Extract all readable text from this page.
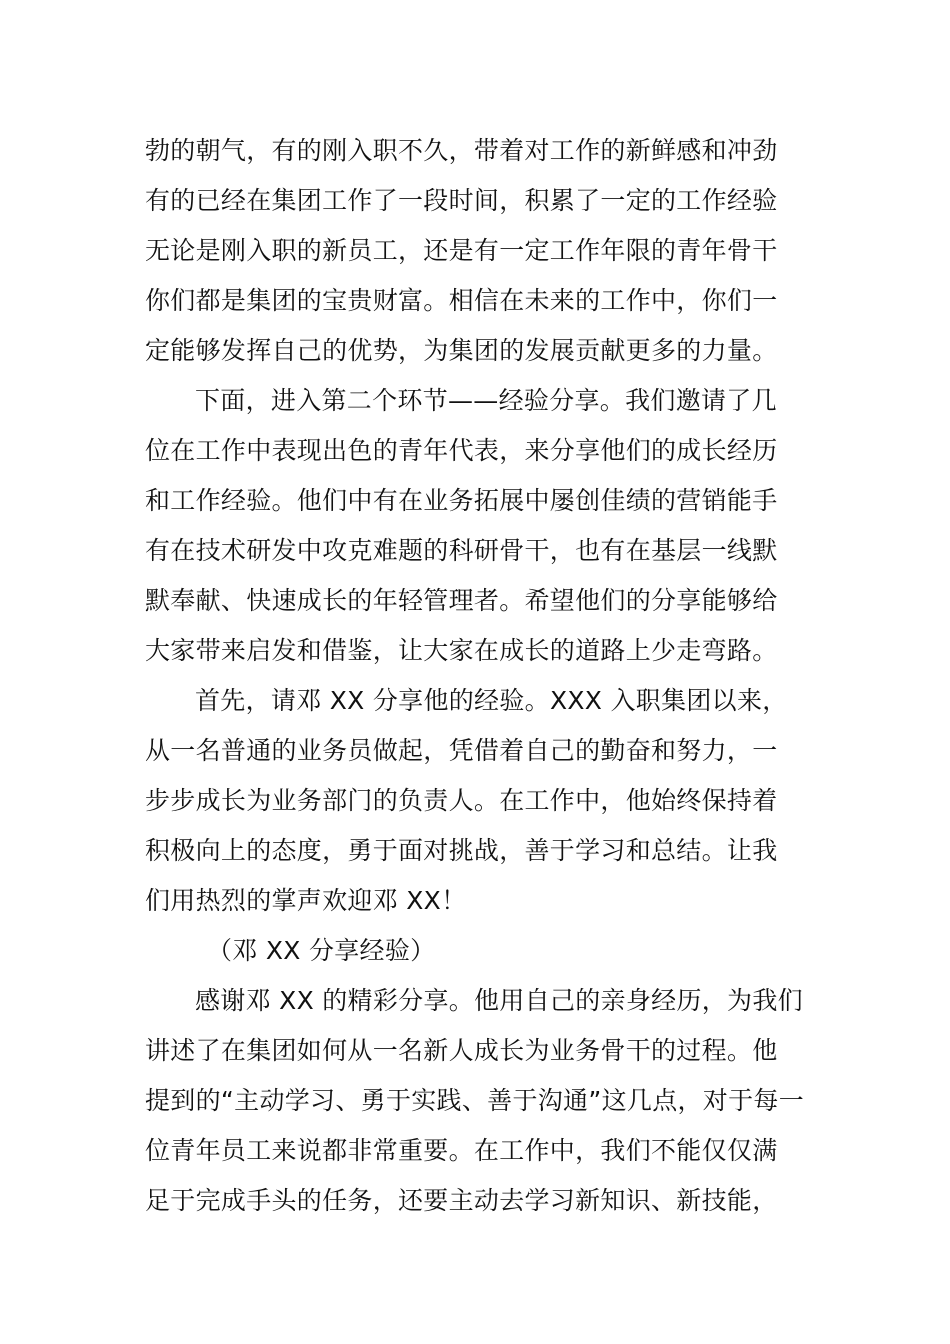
勃的朝气，有的刚入职不久，带着对工作的新鲜感和冲劲
有的已经在集团工作了一段时间，积累了一定的工作经验
无论是刚入职的新员工，还是有一定工作年限的青年骨干
你们都是集团的宝贵财富。相信在未来的工作中，你们一
定能够发挥自己的优势，为集团的发展贡献更多的力量。
下面，进入第二个环节——经验分享。我们邀请了几
位在工作中表现出色的青年代表，来分享他们的成长经历
和工作经验。他们中有在业务拓展中屡创佳绩的营销能手
有在技术研发中攻克难题的科研骨干，也有在基层一线默
默奉献、快速成长的年轻管理者。希望他们的分享能够给
大家带来启发和借鉴，让大家在成长的道路上少走弯路。
首先，请邓 XX 分享他的经验。XXX 入职集团以来，
从一名普通的业务员做起，凭借着自己的勤奋和努力，一
步步成长为业务部门的负责人。在工作中，他始终保持着
积极向上的态度，勇于面对挑战，善于学习和总结。让我
们用热烈的掌声欢迎邓 XX！
（邓 XX 分享经验）
感谢邓 XX 的精彩分享。他用自己的亲身经历，为我们
讲述了在集团如何从一名新人成长为业务骨干的过程。他
提到的“主动学习、勇于实践、善于沟通”这几点，对于每一
位青年员工来说都非常重要。在工作中，我们不能仅仅满
足于完成手头的任务，还要主动去学习新知识、新技能，
